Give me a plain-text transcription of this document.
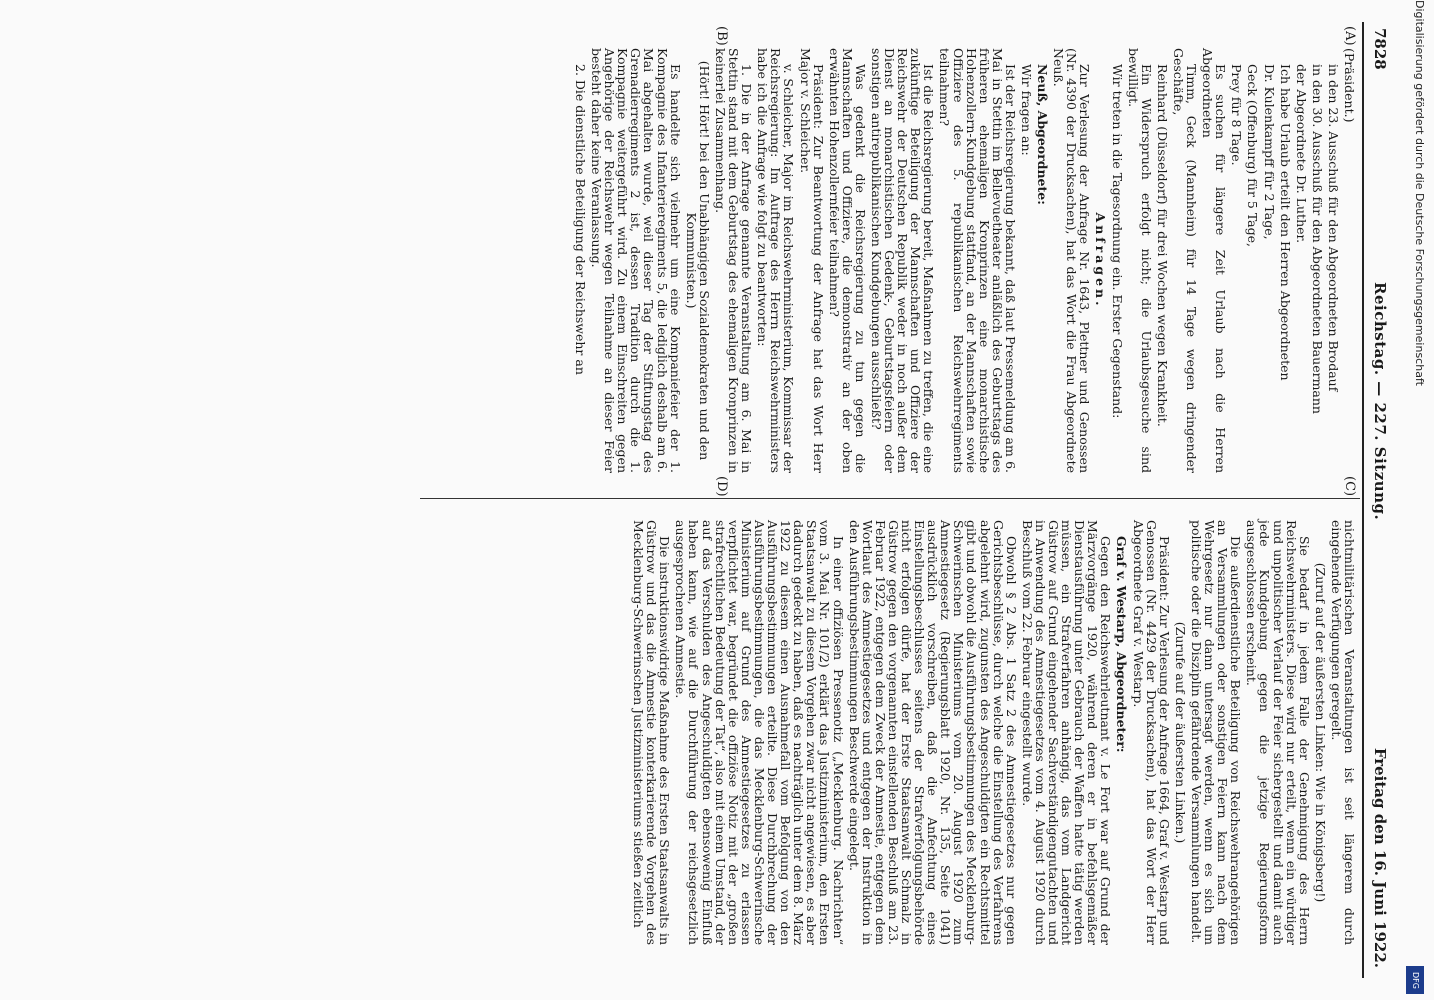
7828
Reichstag. — 227. Sitzung.
Freitag den 16. Juni 1922.
(A)
(B)
(C)
(D)

(Präsident.)

in den 23. Ausschuß für den Abgeordneten Brodauf

in den 30. Ausschuß für den Abgeordneten Bauermann

der Abgeordnete Dr. Luther.

Ich habe Urlaub erteilt den Herren Abgeordneten

Dr. Kulenkampff für 2 Tage,

Geck (Offenburg) für 5 Tage,

Prey für 8 Tage.

Es suchen für längere Zeit Urlaub nach die Herren Abgeordneten

Timm, Geck (Mannheim) für 14 Tage wegen dringender Geschäfte,

Reinhard (Düsseldorf) für drei Wochen wegen Krankheit.

Ein Widerspruch erfolgt nicht; die Urlaubsgesuche sind bewilligt.

Wir treten in die Tagesordnung ein. Erster Gegenstand:

Anfragen.

Zur Verlesung der Anfrage Nr. 1643, Plettner und Genossen (Nr. 4390 der Drucksachen), hat das Wort die Frau Abgeordnete Neuß.

Neuß, Abgeordnete:

Wir fragen an:

Ist der Reichsregierung bekannt, daß laut Pressemeldung am 6. Mai in Stettin im Bellevuetheater anläßlich des Geburtstags des früheren ehemaligen Kronprinzen eine monarchistische Hohenzollern-Kundgebung stattfand, an der Mannschaften sowie Offiziere des 5. republikanischen Reichswehrregiments teilnahmen?

Ist die Reichsregierung bereit, Maßnahmen zu treffen, die eine zukünftige Beteiligung der Mannschaften und Offiziere der Reichswehr der Deutschen Republik weder in noch außer dem Dienst an monarchistischen Gedenk-, Geburtstagsfeiern oder sonstigen antirepublikanischen Kundgebungen ausschließt?

Was gedenkt die Reichsregierung zu tun gegen die Mannschaften und Offiziere, die demonstrativ an der oben erwähnten Hohenzollernfeier teilnahmen?

Präsident: Zur Beantwortung der Anfrage hat das Wort Herr Major v. Schleicher.

v. Schleicher, Major im Reichswehrministerium, Kommissar der Reichsregierung: Im Auftrage des Herrn Reichswehrministers habe ich die Anfrage wie folgt zu beantworten:

1. Die in der Anfrage genannte Veranstaltung am 6. Mai in Stettin stand mit dem Geburtstag des ehemaligen Kronprinzen in keinerlei Zusammenhang.

(Hört! Hört! bei den Unabhängigen Sozialdemokraten und den Kommunisten.)

Es handelte sich vielmehr um eine Kompaniefeier der 1. Kompagnie des Infanterieregiments 5, die lediglich deshalb am 6. Mai abgehalten wurde, weil dieser Tag der Stiftungstag des Grenadierregiments 2 ist, dessen Tradition durch die 1. Kompagnie weitergeführt wird. Zu einem Einschreiten gegen Angehörige der Reichswehr wegen Teilnahme an dieser Feier besteht daher keine Veranlassung.

2. Die dienstliche Beteiligung der Reichswehr an

nichtmilitärischen Veranstaltungen ist seit längerem durch eingehende Verfügungen geregelt.

(Zuruf auf der äußersten Linken: Wie in Königsberg!)

Sie bedarf in jedem Falle der Genehmigung des Herrn Reichswehrministers. Diese wird nur erteilt, wenn ein würdiger und unpolitischer Verlauf der Feier sichergestellt und damit auch jede Kundgebung gegen die jetzige Regierungsform ausgeschlossen erscheint.

Die außerdienstliche Beteiligung von Reichswehrangehörigen an Versammlungen oder sonstigen Feiern kann nach dem Wehrgesetz nur dann untersagt werden, wenn es sich um politische oder die Disziplin gefährdende Versammlungen handelt.

(Zurufe auf der äußersten Linken.)

Präsident: Zur Verlesung der Anfrage 1664, Graf v. Westarp und Genossen (Nr. 4429 der Drucksachen), hat das Wort der Herr Abgeordnete Graf v. Westarp.

Graf v. Westarp, Abgeordneter:

Gegen den Reichswehrleutnant v. Le Fort war auf Grund der Märzvorgänge 1920, während deren er in befehlsgemäßer Dienstausführung unter Gebrauch der Waffen hatte tätig werden müssen, ein Strafverfahren anhängig, das vom Landgericht Güstrow auf Grund eingehender Sachverständigengutachten und in Anwendung des Amnestiegesetzes vom 4. August 1920 durch Beschluß vom 22. Februar eingestellt wurde.

Obwohl § 2 Abs. 1 Satz 2 des Amnestiegesetzes nur gegen Gerichtsbeschlüsse, durch welche die Einstellung des Verfahrens abgelehnt wird, zugunsten des Angeschuldigten ein Rechtsmittel gibt und obwohl die Ausführungsbestimmungen des Mecklenburg-Schwerinschen Ministeriums vom 20. August 1920 zum Amnestiegesetz (Regierungsblatt 1920, Nr. 135, Seite 1041) ausdrücklich vorschreiben, daß die Anfechtung eines Einstellungsbeschlusses seitens der Strafverfolgungsbehörde nicht erfolgen dürfe, hat der Erste Staatsanwalt Schmalz in Güstrow gegen den vorgenannten einstellenden Beschluß am 23. Februar 1922, entgegen dem Zweck der Amnestie, entgegen dem Wortlaut des Amnestiegesetzes und entgegen der Instruktion in den Ausführungsbestimmungen Beschwerde eingelegt.

In einer offiziösen Pressenotiz („Mecklenburg. Nachrichten“ vom 3. Mai Nr. 101/2) erklärt das Justizministerium, den Ersten Staatsanwalt zu diesem Vorgehen zwar nicht angewiesen, es aber dadurch gedeckt zu haben, daß es nachträglich unter dem 8. März 1922 zu diesem einen Ausnahmefall vom Befolgung von den Ausführungsbestimmungen erteilte. Diese Durchbrechung der Ausführungsbestimmungen, die das Mecklenburg-Schwerinsche Ministerium auf Grund des Amnestiegesetzes zu erlassen verpflichtet war, begründet die offiziöse Notiz mit der „großen strafrechtlichen Bedeutung der Tat“, also mit einem Umstand, der auf das Verschulden des Angeschuldigten ebensowenig Einfluß haben kann, wie auf die Durchführung der reichsgesetzlich ausgesprochenen Amnestie.

Die instruktionswidrige Maßnahme des Ersten Staatsanwalts in Güstrow und das die Amnestie konterkarierende Vorgehen des Mecklenburg-Schwerinschen Justizministeriums stießen zeitlich

Digitalisierung gefördert durch die Deutsche Forschungsgemeinschaft
DFG
